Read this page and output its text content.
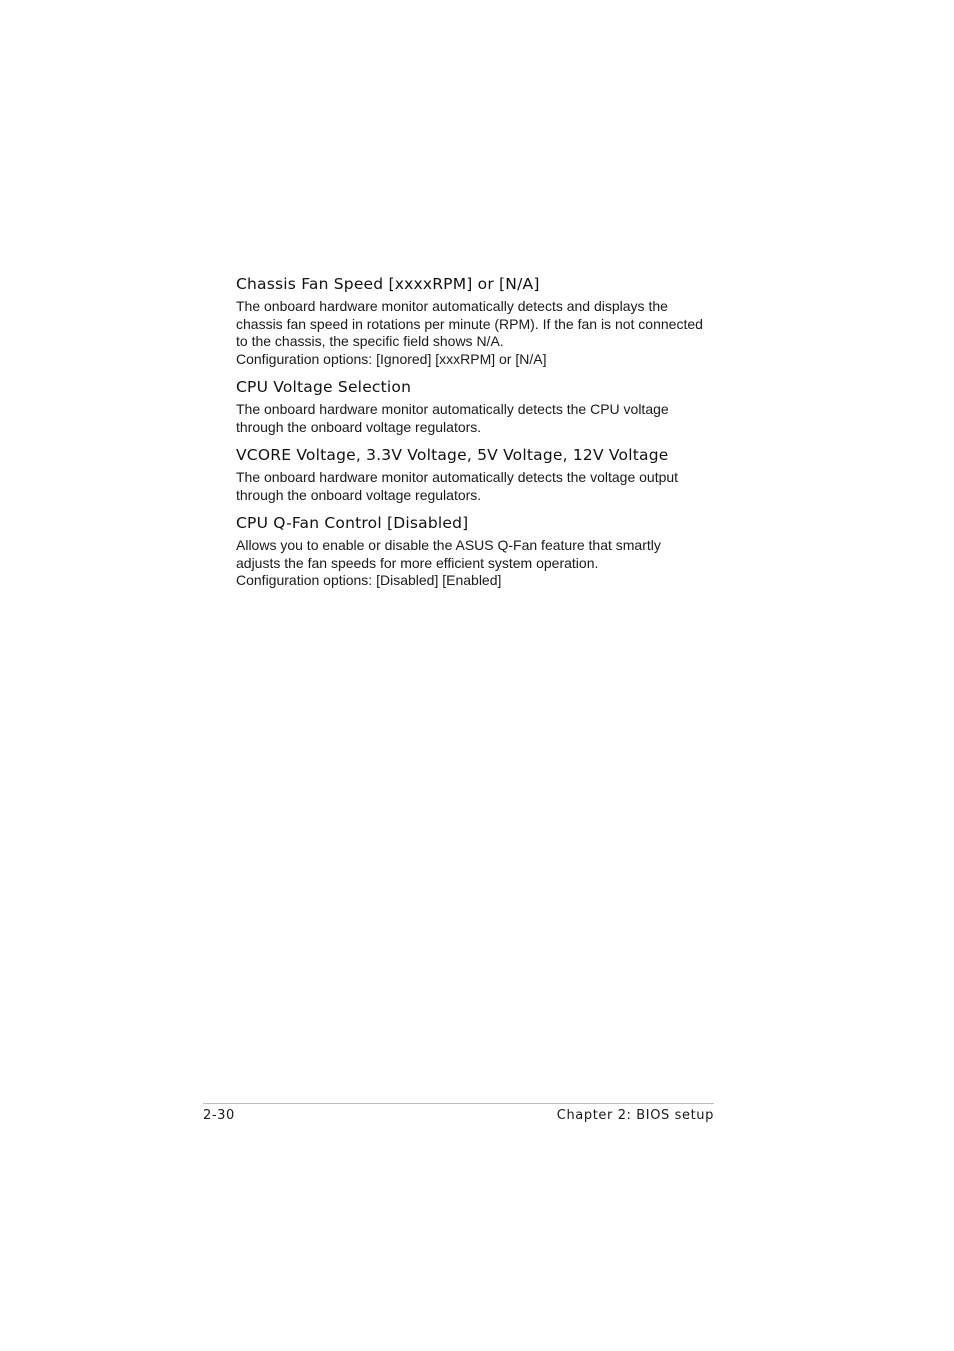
Chassis Fan Speed [xxxxRPM] or [N/A]

The onboard hardware monitor automatically detects and displays the

chassis fan speed in rotations per minute (RPM). If the fan is not connected

to the chassis, the specific field shows N/A.

Configuration options: [Ignored] [xxxRPM] or [N/A]

CPU Voltage Selection

The onboard hardware monitor automatically detects the CPU voltage

through the onboard voltage regulators.

VCORE Voltage, 3.3V Voltage, 5V Voltage, 12V Voltage

The onboard hardware monitor automatically detects the voltage output

through the onboard voltage regulators.

CPU Q-Fan Control [Disabled]

Allows you to enable or disable the ASUS Q-Fan feature that smartly

adjusts the fan speeds for more efficient system operation.

Configuration options: [Disabled] [Enabled]

2-30	Chapter 2: BIOS setup
